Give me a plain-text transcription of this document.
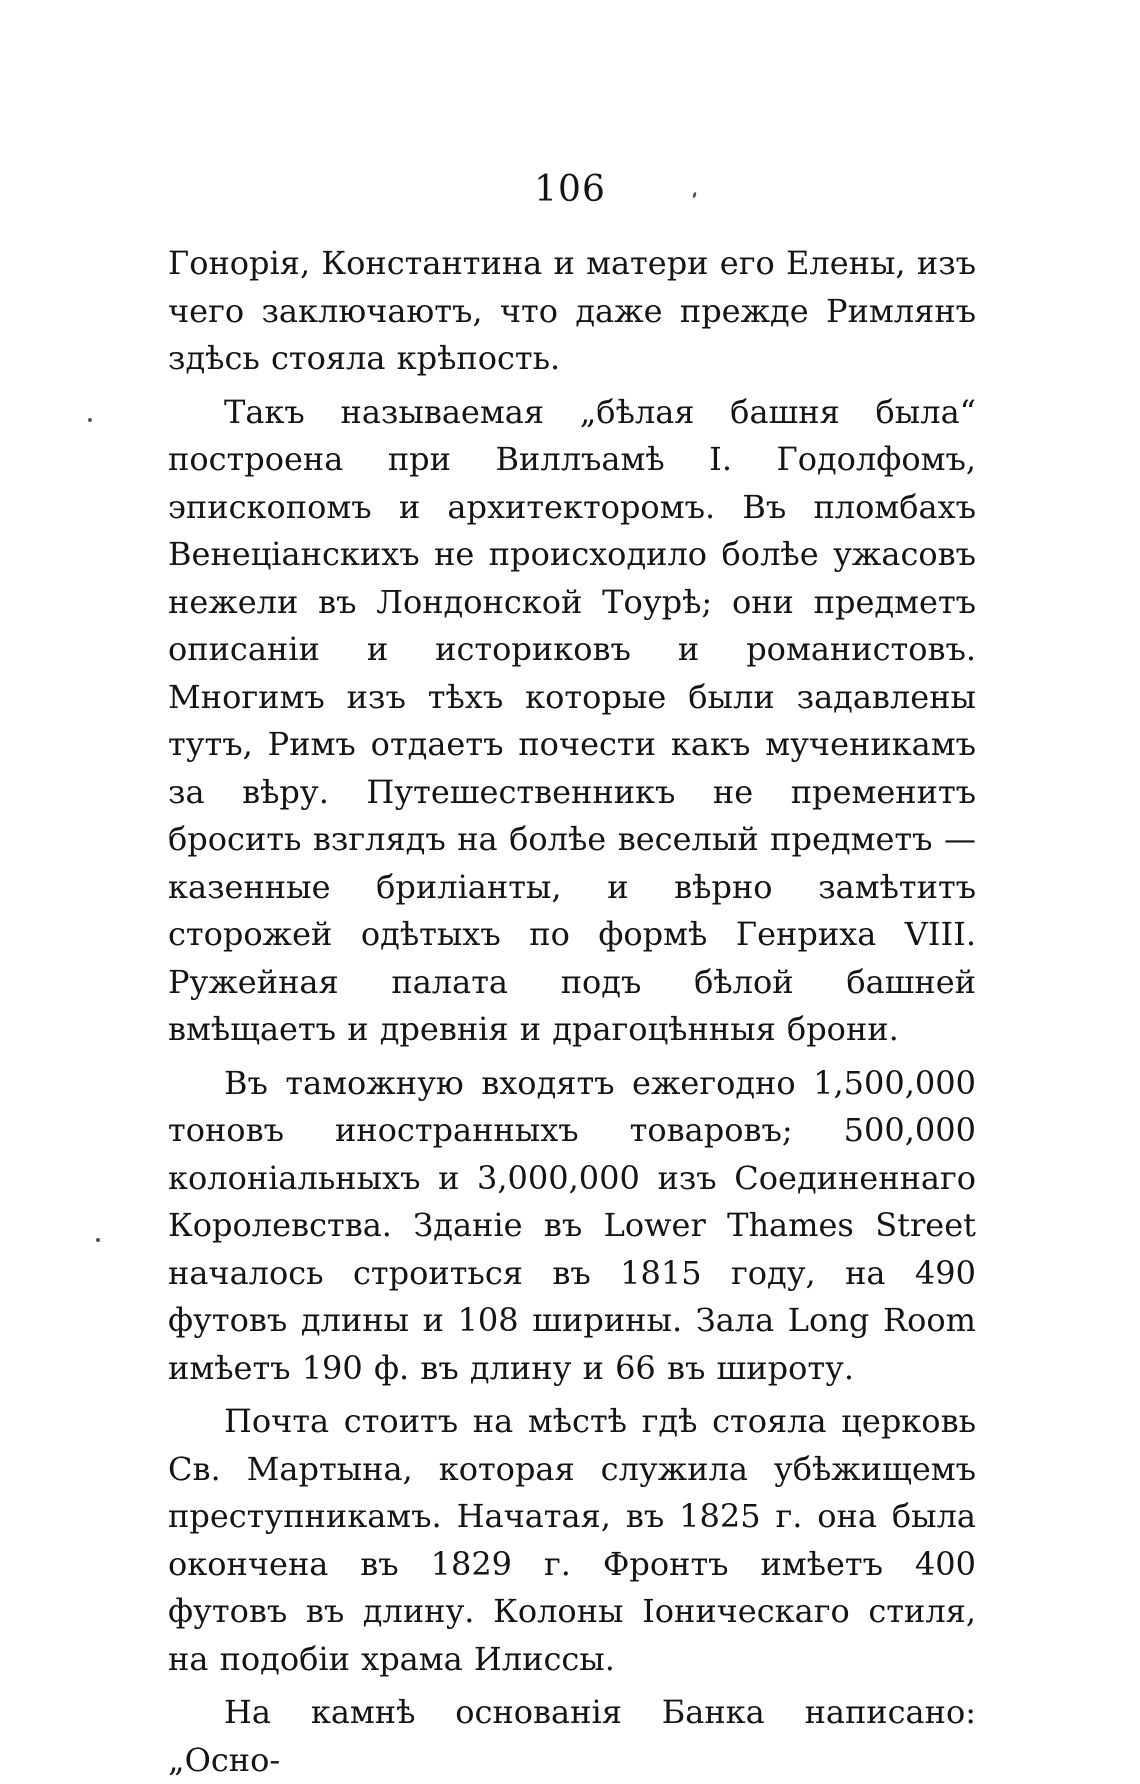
106

Гонорія, Константина и матери его Елены, изъ чего заключаютъ, что даже прежде Римлянъ здѣсь стояла крѣпость.

Такъ называемая „бѣлая башня была“ построена при Виллъамѣ I. Годолфомъ, эпископомъ и архитекторомъ. Въ пломбахъ Венеціанскихъ не происходило болѣе ужасовъ нежели въ Лондонской Тоурѣ; они предметъ описаніи и историковъ и романистовъ. Многимъ изъ тѣхъ которые были задавлены тутъ, Римъ отдаетъ почести какъ мученикамъ за вѣру. Путешественникъ не пременитъ бросить взглядъ на болѣе веселый предметъ — казенные бриліанты, и вѣрно замѣтитъ сторожей одѣтыхъ по формѣ Генриха VIII. Ружейная палата подъ бѣлой башней вмѣщаетъ и древнія и драгоцѣнныя брони.

Въ таможную входятъ ежегодно 1,500,000 тоновъ иностранныхъ товаровъ; 500,000 колоніальныхъ и 3,000,000 изъ Соединеннаго Королевства. Зданіе въ Lower Thames Street началось строиться въ 1815 году, на 490 футовъ длины и 108 ширины. Зала Long Room имѣетъ 190 ф. въ длину и 66 въ широту.

Почта стоитъ на мѣстѣ гдѣ стояла церковь Св. Мартына, которая служила убѣжищемъ преступникамъ. Начатая, въ 1825 г. она была окончена въ 1829 г. Фронтъ имѣетъ 400 футовъ въ длину. Колоны Іоническаго стиля, на подобіи храма Илиссы.

На камнѣ основанія Банка написано: „Осно-
